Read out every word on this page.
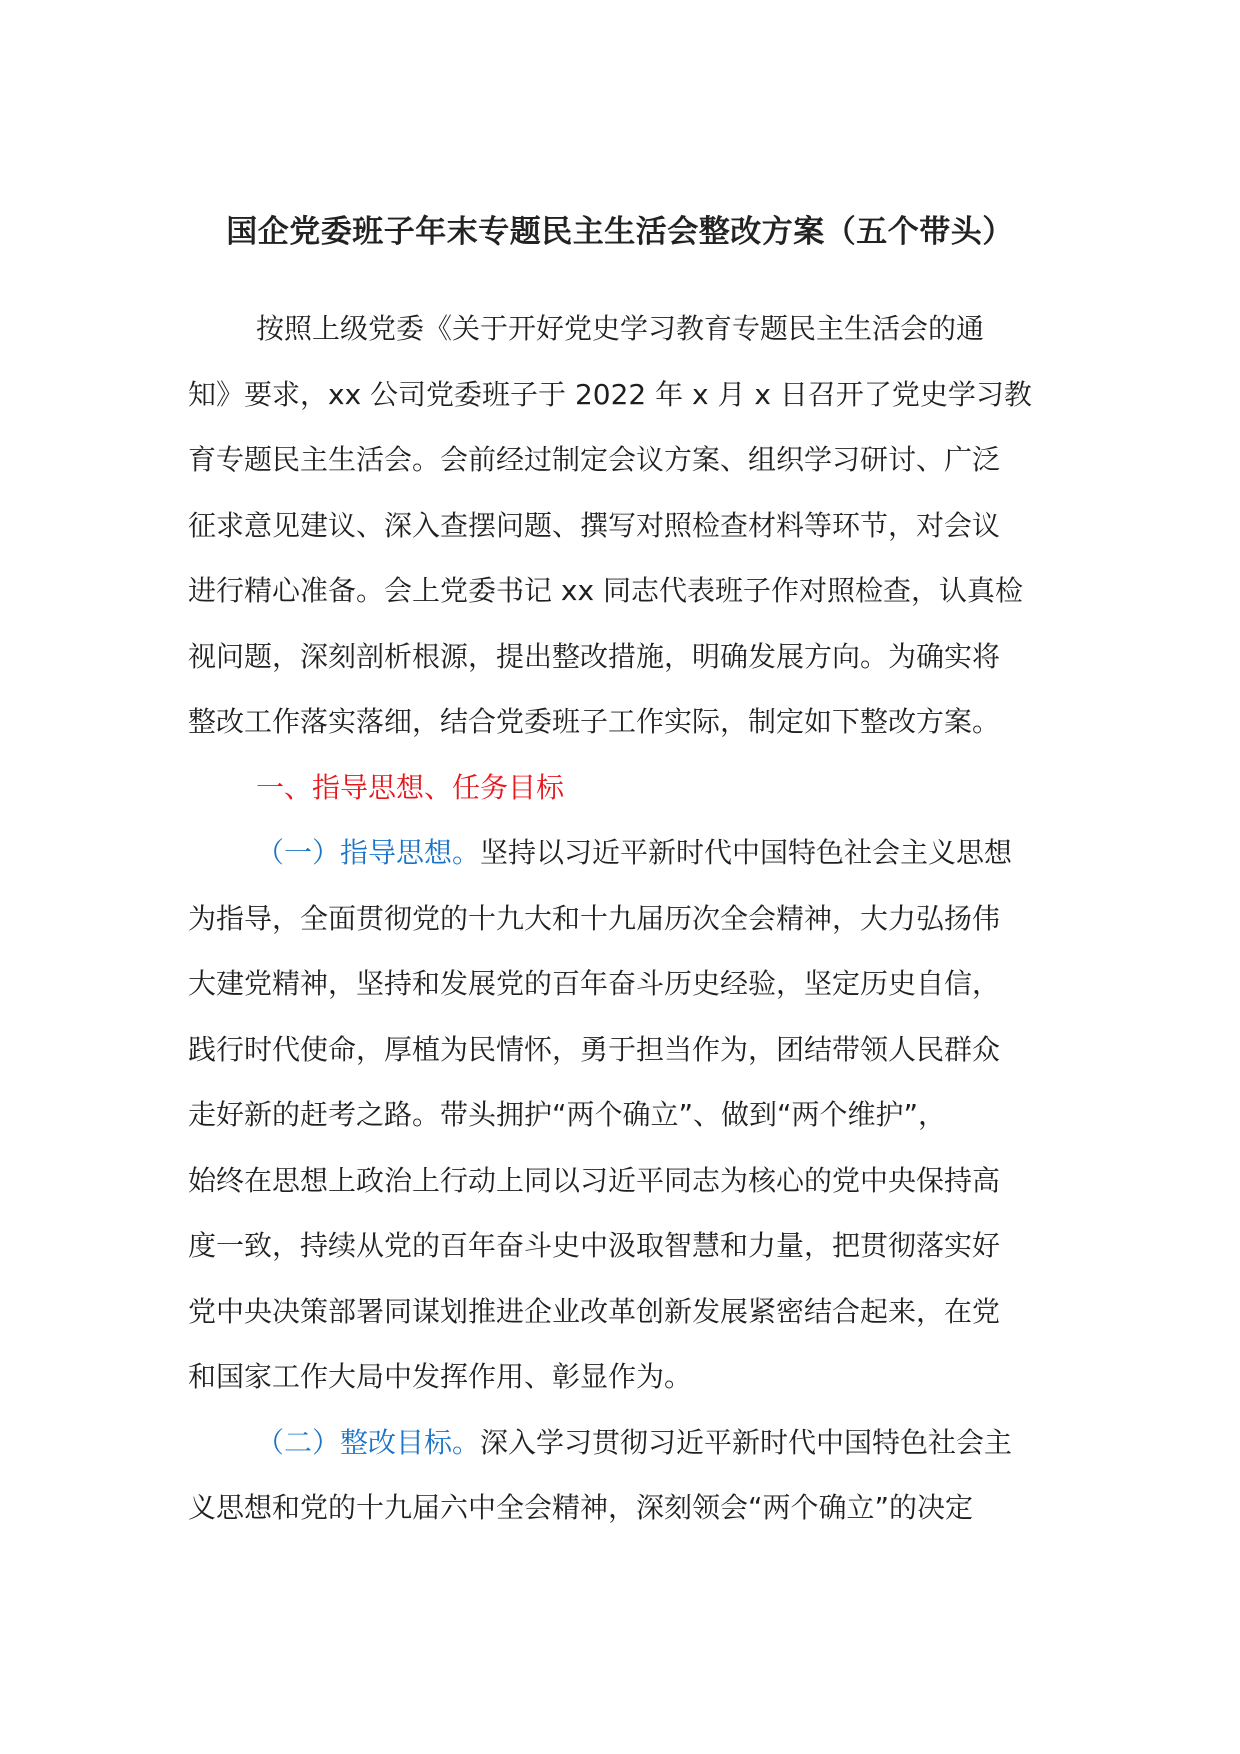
国企党委班子年末专题民主生活会整改方案（五个带头）
按照上级党委《关于开好党史学习教育专题民主生活会的通
知》要求，xx 公司党委班子于 2022 年 x 月 x 日召开了党史学习教
育专题民主生活会。会前经过制定会议方案、组织学习研讨、广泛
征求意见建议、深入查摆问题、撰写对照检查材料等环节，对会议
进行精心准备。会上党委书记 xx 同志代表班子作对照检查，认真检
视问题，深刻剖析根源，提出整改措施，明确发展方向。为确实将
整改工作落实落细，结合党委班子工作实际，制定如下整改方案。
一、指导思想、任务目标
（一）指导思想。坚持以习近平新时代中国特色社会主义思想
为指导，全面贯彻党的十九大和十九届历次全会精神，大力弘扬伟
大建党精神，坚持和发展党的百年奋斗历史经验，坚定历史自信，
践行时代使命，厚植为民情怀，勇于担当作为，团结带领人民群众
走好新的赶考之路。带头拥护“两个确立”、做到“两个维护”，
始终在思想上政治上行动上同以习近平同志为核心的党中央保持高
度一致，持续从党的百年奋斗史中汲取智慧和力量，把贯彻落实好
党中央决策部署同谋划推进企业改革创新发展紧密结合起来，在党
和国家工作大局中发挥作用、彰显作为。
（二）整改目标。深入学习贯彻习近平新时代中国特色社会主
义思想和党的十九届六中全会精神，深刻领会“两个确立”的决定
